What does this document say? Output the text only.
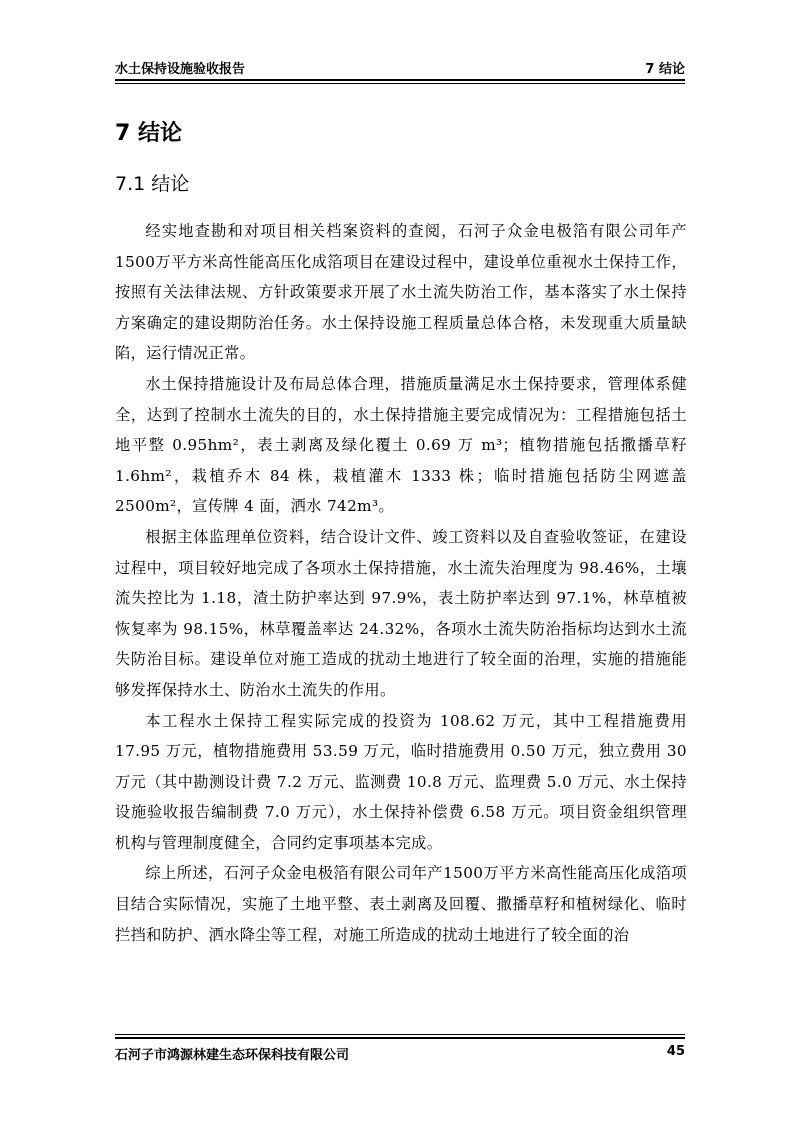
水土保持设施验收报告	7 结论
7 结论
7.1 结论

经实地查勘和对项目相关档案资料的查阅，石河子众金电极箔有限公司年产1500万平方米高性能高压化成箔项目在建设过程中，建设单位重视水土保持工作，按照有关法律法规、方针政策要求开展了水土流失防治工作，基本落实了水土保持方案确定的建设期防治任务。水土保持设施工程质量总体合格，未发现重大质量缺陷，运行情况正常。

水土保持措施设计及布局总体合理，措施质量满足水土保持要求，管理体系健全，达到了控制水土流失的目的，水土保持措施主要完成情况为：工程措施包括土地平整 0.95hm²，表土剥离及绿化覆土 0.69 万 m³；植物措施包括撒播草籽1.6hm²，栽植乔木 84 株，栽植灌木 1333 株；临时措施包括防尘网遮盖 2500m²，宣传牌 4 面，洒水 742m³。

根据主体监理单位资料，结合设计文件、竣工资料以及自查验收签证，在建设过程中，项目较好地完成了各项水土保持措施，水土流失治理度为 98.46%，土壤流失控比为 1.18，渣土防护率达到 97.9%，表土防护率达到 97.1%，林草植被恢复率为 98.15%，林草覆盖率达 24.32%，各项水土流失防治指标均达到水土流失防治目标。建设单位对施工造成的扰动土地进行了较全面的治理，实施的措施能够发挥保持水土、防治水土流失的作用。

本工程水土保持工程实际完成的投资为 108.62 万元，其中工程措施费用 17.95 万元，植物措施费用 53.59 万元，临时措施费用 0.50 万元，独立费用 30 万元（其中勘测设计费 7.2 万元、监测费 10.8 万元、监理费 5.0 万元、水土保持设施验收报告编制费 7.0 万元），水土保持补偿费 6.58 万元。项目资金组织管理机构与管理制度健全，合同约定事项基本完成。

综上所述，石河子众金电极箔有限公司年产1500万平方米高性能高压化成箔项目结合实际情况，实施了土地平整、表土剥离及回覆、撒播草籽和植树绿化、临时拦挡和防护、洒水降尘等工程，对施工所造成的扰动土地进行了较全面的治

石河子市鸿源林建生态环保科技有限公司	45
